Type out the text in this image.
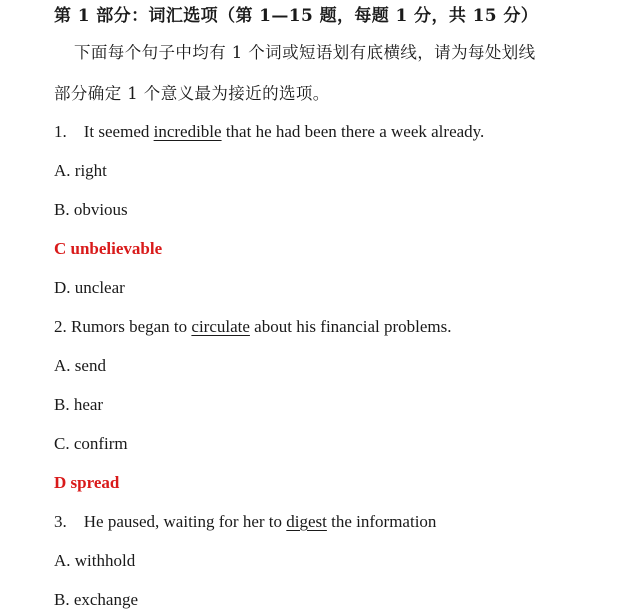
第 1 部分：词汇选项（第 1—15 题，每题 1 分，共 15 分）
下面每个句子中均有 1 个词或短语划有底横线，请为每处划线
部分确定 1 个意义最为接近的选项。
1.    It seemed incredible that he had been there a week already.
A. right
B. obvious
C unbelievable
D. unclear
2. Rumors began to circulate about his financial problems.
A. send
B. hear
C. confirm
D spread
3.    He paused, waiting for her to digest the information
A. withhold
B. exchange
